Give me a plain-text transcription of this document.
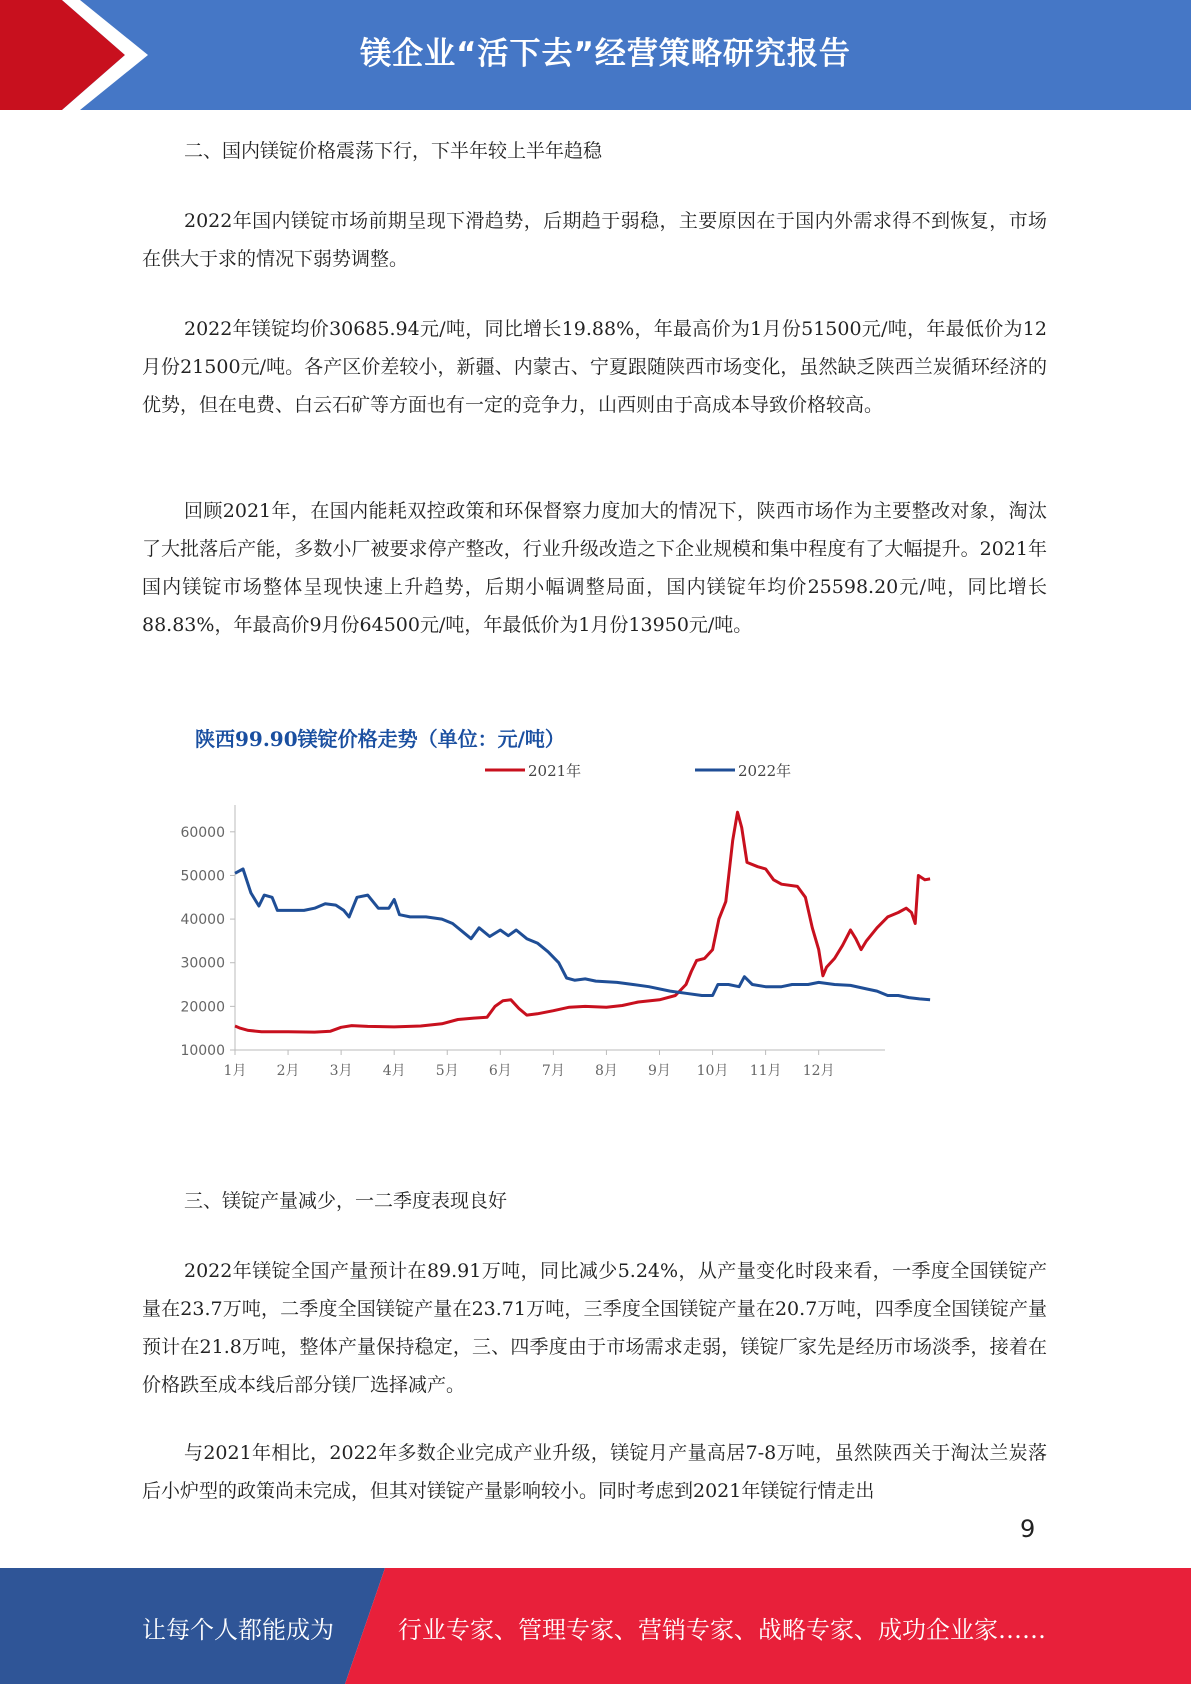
镁企业“活下去”经营策略研究报告

二、国内镁锭价格震荡下行，下半年较上半年趋稳

2022年国内镁锭市场前期呈现下滑趋势，后期趋于弱稳，主要原因在于国内外需求得不到恢复，市场在供大于求的情况下弱势调整。

2022年镁锭均价30685.94元/吨，同比增长19.88%，年最高价为1月份51500元/吨，年最低价为12月份21500元/吨。各产区价差较小，新疆、内蒙古、宁夏跟随陕西市场变化，虽然缺乏陕西兰炭循环经济的优势，但在电费、白云石矿等方面也有一定的竞争力，山西则由于高成本导致价格较高。

回顾2021年，在国内能耗双控政策和环保督察力度加大的情况下，陕西市场作为主要整改对象，淘汰了大批落后产能，多数小厂被要求停产整改，行业升级改造之下企业规模和集中程度有了大幅提升。2021年国内镁锭市场整体呈现快速上升趋势，后期小幅调整局面，国内镁锭年均价25598.20元/吨，同比增长88.83%，年最高价9月份64500元/吨，年最低价为1月份13950元/吨。

三、镁锭产量减少，一二季度表现良好

2022年镁锭全国产量预计在89.91万吨，同比减少5.24%，从产量变化时段来看，一季度全国镁锭产量在23.7万吨，二季度全国镁锭产量在23.71万吨，三季度全国镁锭产量在20.7万吨，四季度全国镁锭产量预计在21.8万吨，整体产量保持稳定，三、四季度由于市场需求走弱，镁锭厂家先是经历市场淡季，接着在价格跌至成本线后部分镁厂选择减产。

与2021年相比，2022年多数企业完成产业升级，镁锭月产量高居7-8万吨，虽然陕西关于淘汰兰炭落后小炉型的政策尚未完成，但其对镁锭产量影响较小。同时考虑到2021年镁锭行情走出

陕西99.90镁锭价格走势（单位：元/吨）
2021年	2022年
10000
20000
30000
40000
50000
60000
1月 2月 3月 4月 5月 6月 7月 8月 9月 10月 11月 12月
9
让每个人都能成为	行业专家、管理专家、营销专家、战略专家、成功企业家……
